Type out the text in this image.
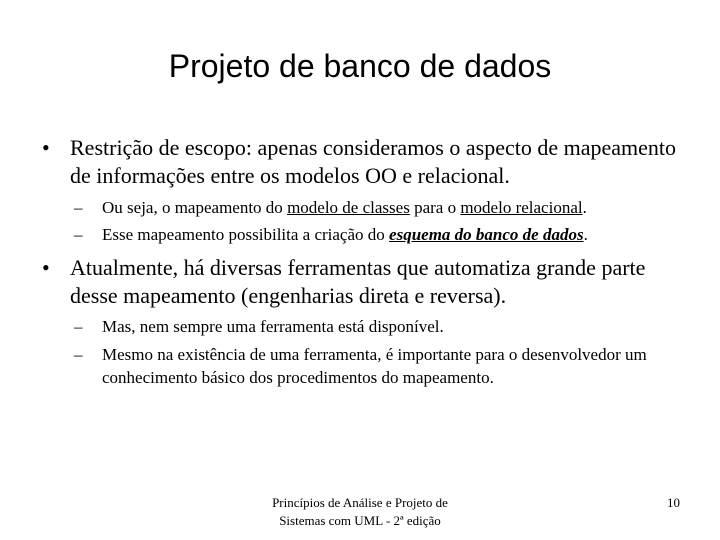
Projeto de banco de dados
• Restrição de escopo: apenas consideramos o aspecto de mapeamento de informações entre os modelos OO e relacional.
–	Ou seja, o mapeamento do modelo de classes para o modelo relacional.
–	Esse mapeamento possibilita a criação do esquema do banco de dados.
• Atualmente, há diversas ferramentas que automatiza grande parte desse mapeamento (engenharias direta e reversa).
–	Mas, nem sempre uma ferramenta está disponível.
–	Mesmo na existência de uma ferramenta, é importante para o desenvolvedor um conhecimento básico dos procedimentos do mapeamento.
Princípios de Análise e Projeto de
Sistemas com UML - 2ª edição
10
